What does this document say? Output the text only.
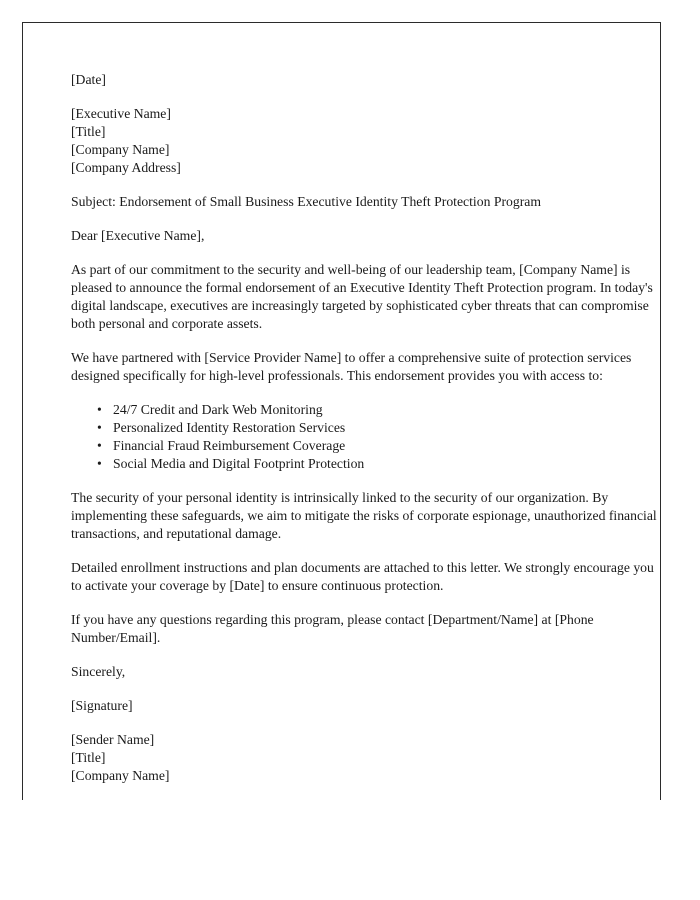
[Date]
[Executive Name]
[Title]
[Company Name]
[Company Address]

Subject: Endorsement of Small Business Executive Identity Theft Protection Program

Dear [Executive Name],

As part of our commitment to the security and well-being of our leadership team, [Company Name] is pleased to announce the formal endorsement of an Executive Identity Theft Protection program. In today's digital landscape, executives are increasingly targeted by sophisticated cyber threats that can compromise both personal and corporate assets.

We have partnered with [Service Provider Name] to offer a comprehensive suite of protection services designed specifically for high-level professionals. This endorsement provides you with access to:

• 24/7 Credit and Dark Web Monitoring
• Personalized Identity Restoration Services
• Financial Fraud Reimbursement Coverage
• Social Media and Digital Footprint Protection

The security of your personal identity is intrinsically linked to the security of our organization. By implementing these safeguards, we aim to mitigate the risks of corporate espionage, unauthorized financial transactions, and reputational damage.

Detailed enrollment instructions and plan documents are attached to this letter. We strongly encourage you to activate your coverage by [Date] to ensure continuous protection.

If you have any questions regarding this program, please contact [Department/Name] at [Phone Number/Email].

Sincerely,

[Signature]

[Sender Name]
[Title]
[Company Name]
